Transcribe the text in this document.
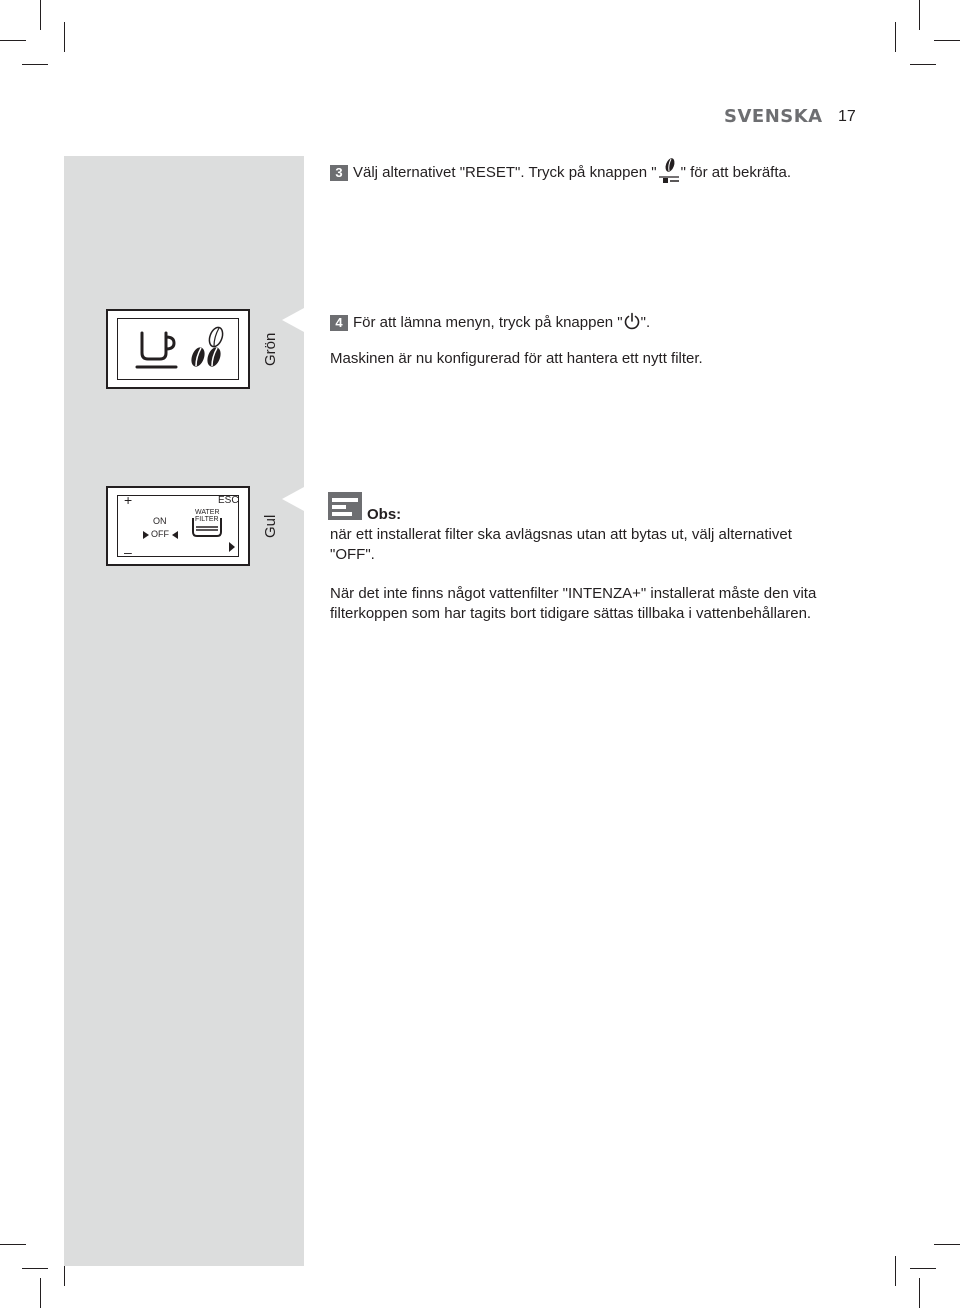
SVENSKA 17
Grön
+
–
ESC
ON
OFF
WATER
FILTER	Gul
3 Välj alternativet "RESET". Tryck på knappen " " för att bekräfta.
4 För att lämna menyn, tryck på knappen " ".
Maskinen är nu konfigurerad för att hantera ett nytt filter.
Obs:
när ett installerat filter ska avlägsnas utan att bytas ut, välj alternativet
"OFF".
När det inte finns något vattenfilter "INTENZA+" installerat måste den vita
filterkoppen som har tagits bort tidigare sättas tillbaka i vattenbehållaren.
